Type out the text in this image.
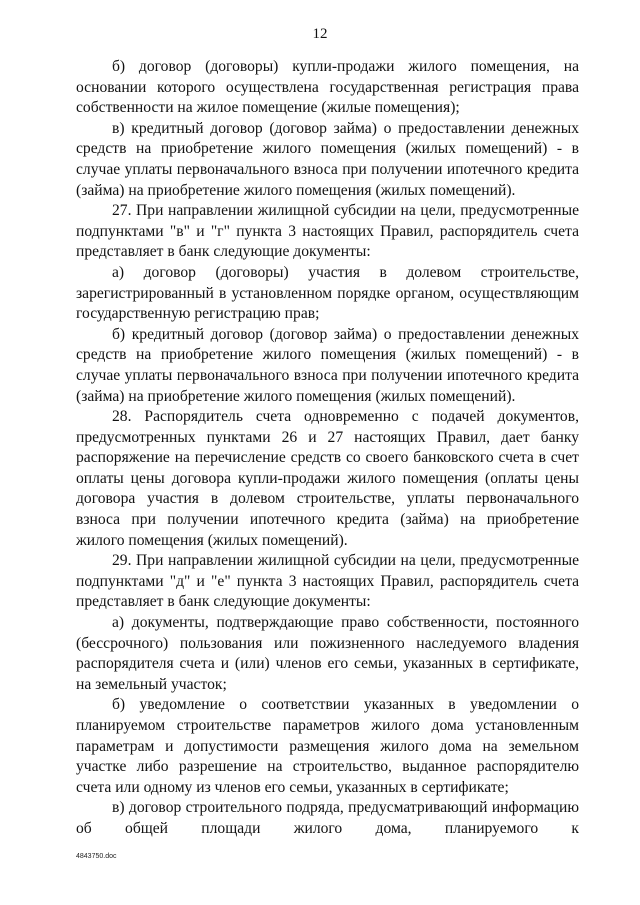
12

б) договор (договоры) купли-продажи жилого помещения, на основании которого осуществлена государственная регистрация права собственности на жилое помещение (жилые помещения);

в) кредитный договор (договор займа) о предоставлении денежных средств на приобретение жилого помещения (жилых помещений) - в случае уплаты первоначального взноса при получении ипотечного кредита (займа) на приобретение жилого помещения (жилых помещений).

27. При направлении жилищной субсидии на цели, предусмотренные подпунктами "в" и "г" пункта 3 настоящих Правил, распорядитель счета представляет в банк следующие документы:

а) договор (договоры) участия в долевом строительстве, зарегистрированный в установленном порядке органом, осуществляющим государственную регистрацию прав;

б) кредитный договор (договор займа) о предоставлении денежных средств на приобретение жилого помещения (жилых помещений) - в случае уплаты первоначального взноса при получении ипотечного кредита (займа) на приобретение жилого помещения (жилых помещений).

28. Распорядитель счета одновременно с подачей документов, предусмотренных пунктами 26 и 27 настоящих Правил, дает банку распоряжение на перечисление средств со своего банковского счета в счет оплаты цены договора купли-продажи жилого помещения (оплаты цены договора участия в долевом строительстве, уплаты первоначального взноса при получении ипотечного кредита (займа) на приобретение жилого помещения (жилых помещений).

29. При направлении жилищной субсидии на цели, предусмотренные подпунктами "д" и "е" пункта 3 настоящих Правил, распорядитель счета представляет в банк следующие документы:

а) документы, подтверждающие право собственности, постоянного (бессрочного) пользования или пожизненного наследуемого владения распорядителя счета и (или) членов его семьи, указанных в сертификате, на земельный участок;

б) уведомление о соответствии указанных в уведомлении о планируемом строительстве параметров жилого дома установленным параметрам и допустимости размещения жилого дома на земельном участке либо разрешение на строительство, выданное распорядителю счета или одному из членов его семьи, указанных в сертификате;

в) договор строительного подряда, предусматривающий информацию об общей площади жилого дома, планируемого к

4843750.doc
